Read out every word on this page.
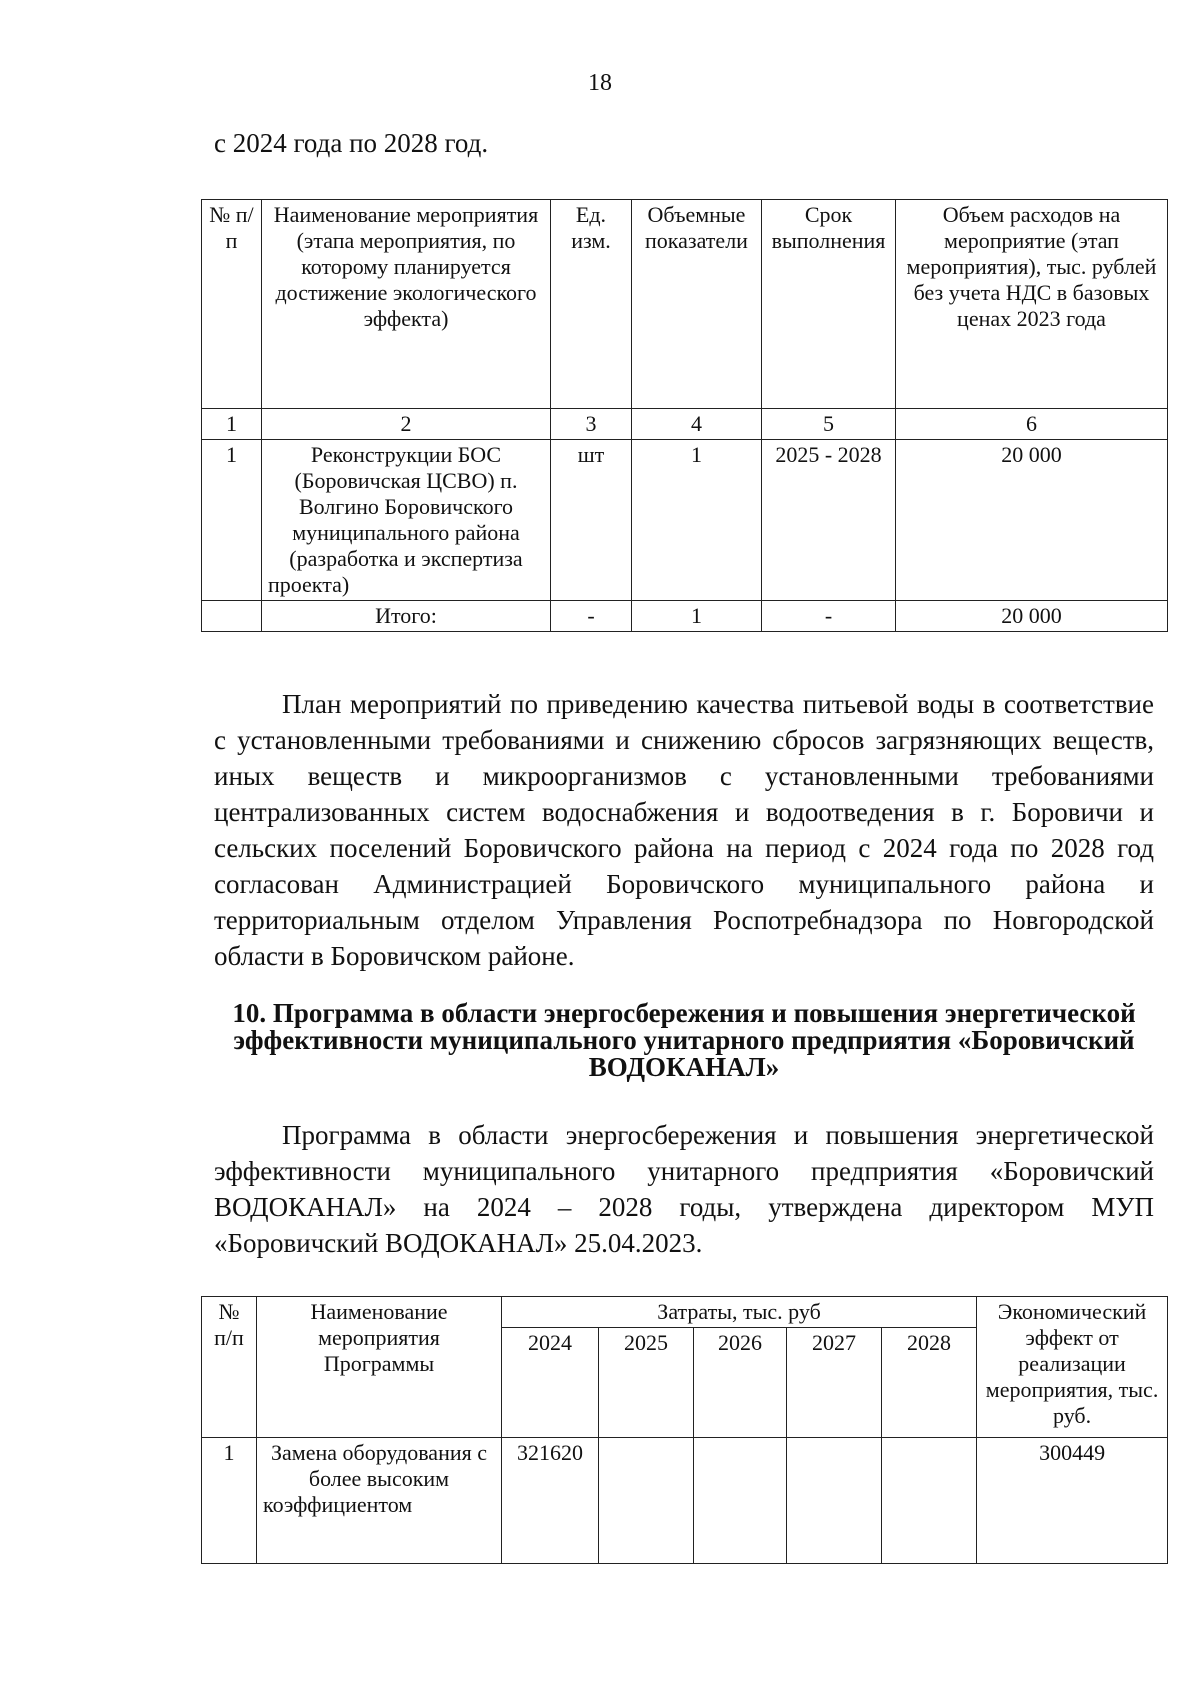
18
с 2024 года по 2028 год.
№ п/п	Наименование мероприятия (этапа мероприятия, по которому планируется достижение экологического эффекта)	Ед. изм.	Объемные показатели	Срок выполнения	Объем расходов на мероприятие (этап мероприятия), тыс. рублей без учета НДС в базовых ценах 2023 года
1	2	3	4	5	6
1	Реконструкции БОС (Боровичская ЦСВО) п. Волгино Боровичского муниципального района (разработка и экспертиза проекта)	шт	1	2025 - 2028	20 000
	Итого:	-	1	-	20 000
План мероприятий по приведению качества питьевой воды в соответствие с установленными требованиями и снижению сбросов загрязняющих веществ, иных веществ и микроорганизмов с установленными требованиями централизованных систем водоснабжения и водоотведения в г. Боровичи и сельских поселений Боровичского района на период с 2024 года по 2028 год согласован Администрацией Боровичского муниципального района и территориальным отделом Управления Роспотребнадзора по Новгородской области в Боровичском районе.
10. Программа в области энергосбережения и повышения энергетической эффективности муниципального унитарного предприятия «Боровичский ВОДОКАНАЛ»
Программа в области энергосбережения и повышения энергетической эффективности муниципального унитарного предприятия «Боровичский ВОДОКАНАЛ» на 2024 – 2028 годы, утверждена директором МУП «Боровичский ВОДОКАНАЛ» 25.04.2023.
№ п/п	Наименование мероприятия Программы	Затраты, тыс. руб					Экономический эффект от реализации мероприятия, тыс. руб.
		2024	2025	2026	2027	2028	
1	Замена оборудования с более высоким коэффициентом	321620					300449
